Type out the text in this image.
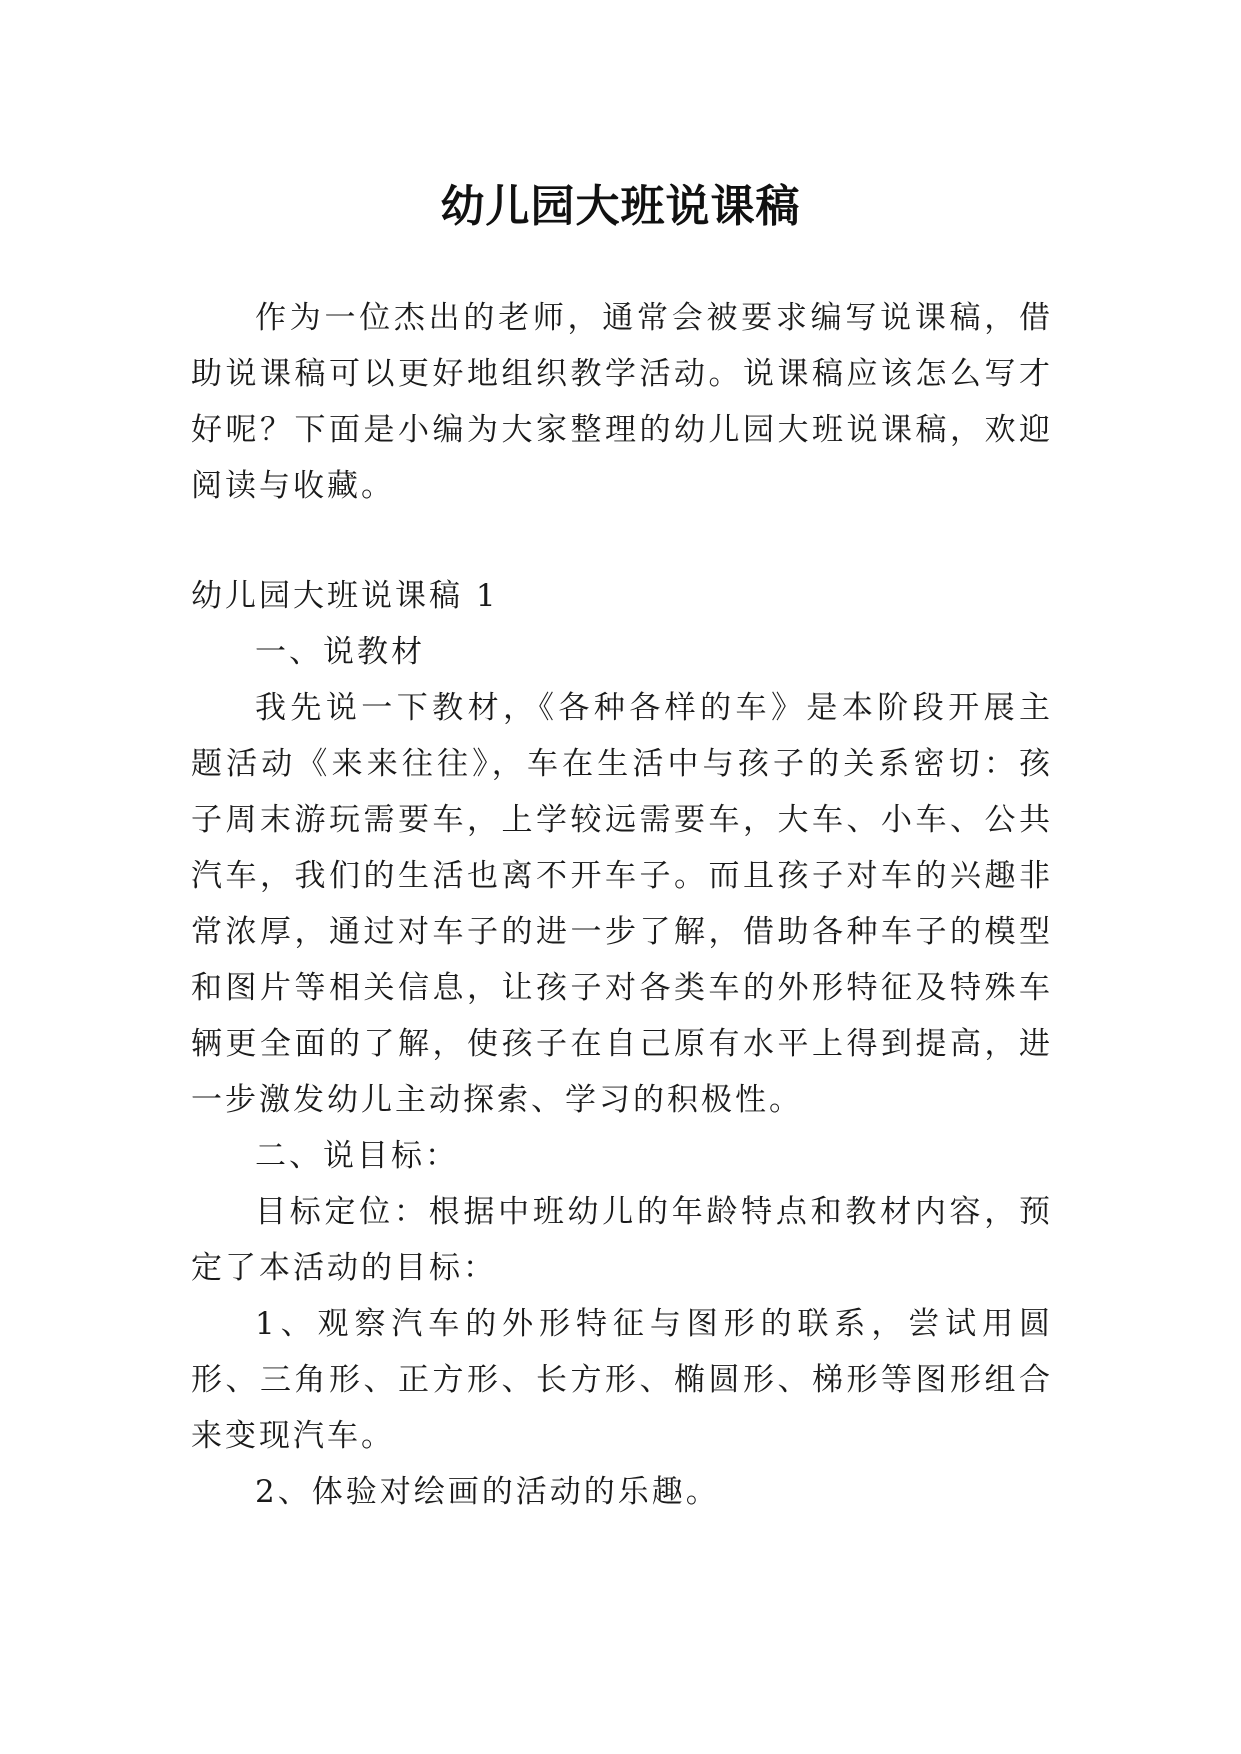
幼儿园大班说课稿

作为一位杰出的老师，通常会被要求编写说课稿，借助说课稿可以更好地组织教学活动。说课稿应该怎么写才好呢？下面是小编为大家整理的幼儿园大班说课稿，欢迎阅读与收藏。

幼儿园大班说课稿 1

一、说教材

我先说一下教材，《各种各样的车》是本阶段开展主题活动《来来往往》，车在生活中与孩子的关系密切：孩子周末游玩需要车，上学较远需要车，大车、小车、公共汽车，我们的生活也离不开车子。而且孩子对车的兴趣非常浓厚，通过对车子的进一步了解，借助各种车子的模型和图片等相关信息，让孩子对各类车的外形特征及特殊车辆更全面的了解，使孩子在自己原有水平上得到提高，进一步激发幼儿主动探索、学习的积极性。

二、说目标：

目标定位：根据中班幼儿的年龄特点和教材内容，预定了本活动的目标：

1、观察汽车的外形特征与图形的联系，尝试用圆形、三角形、正方形、长方形、椭圆形、梯形等图形组合来变现汽车。

2、体验对绘画的活动的乐趣。
